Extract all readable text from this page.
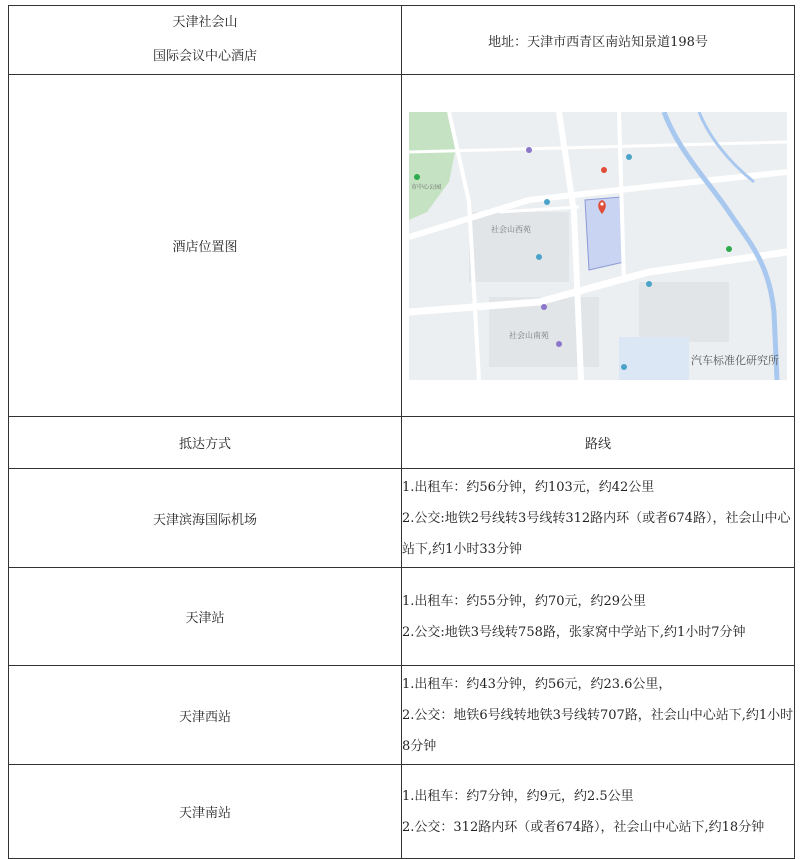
天津社会山
国际会议中心酒店	地址：天津市西青区南站知景道198号
酒店位置图	社会山西苑
社会山南苑
市中心公园
汽车标准化研究所

抵达方式	路线
天津滨海国际机场	1.出租车：约56分钟，约103元，约42公里
2.公交:地铁2号线转3号线转312路内环（或者674路），社会山中心站下,约1小时33分钟

天津站	1.出租车：约55分钟，约70元，约29公里
2.公交:地铁3号线转758路，张家窝中学站下,约1小时7分钟

天津西站	1.出租车：约43分钟，约56元，约23.6公里，
2.公交：地铁6号线转地铁3号线转707路，社会山中心站下,约1小时8分钟

天津南站	1.出租车：约7分钟，约9元，约2.5公里
2.公交：312路内环（或者674路），社会山中心站下,约18分钟
